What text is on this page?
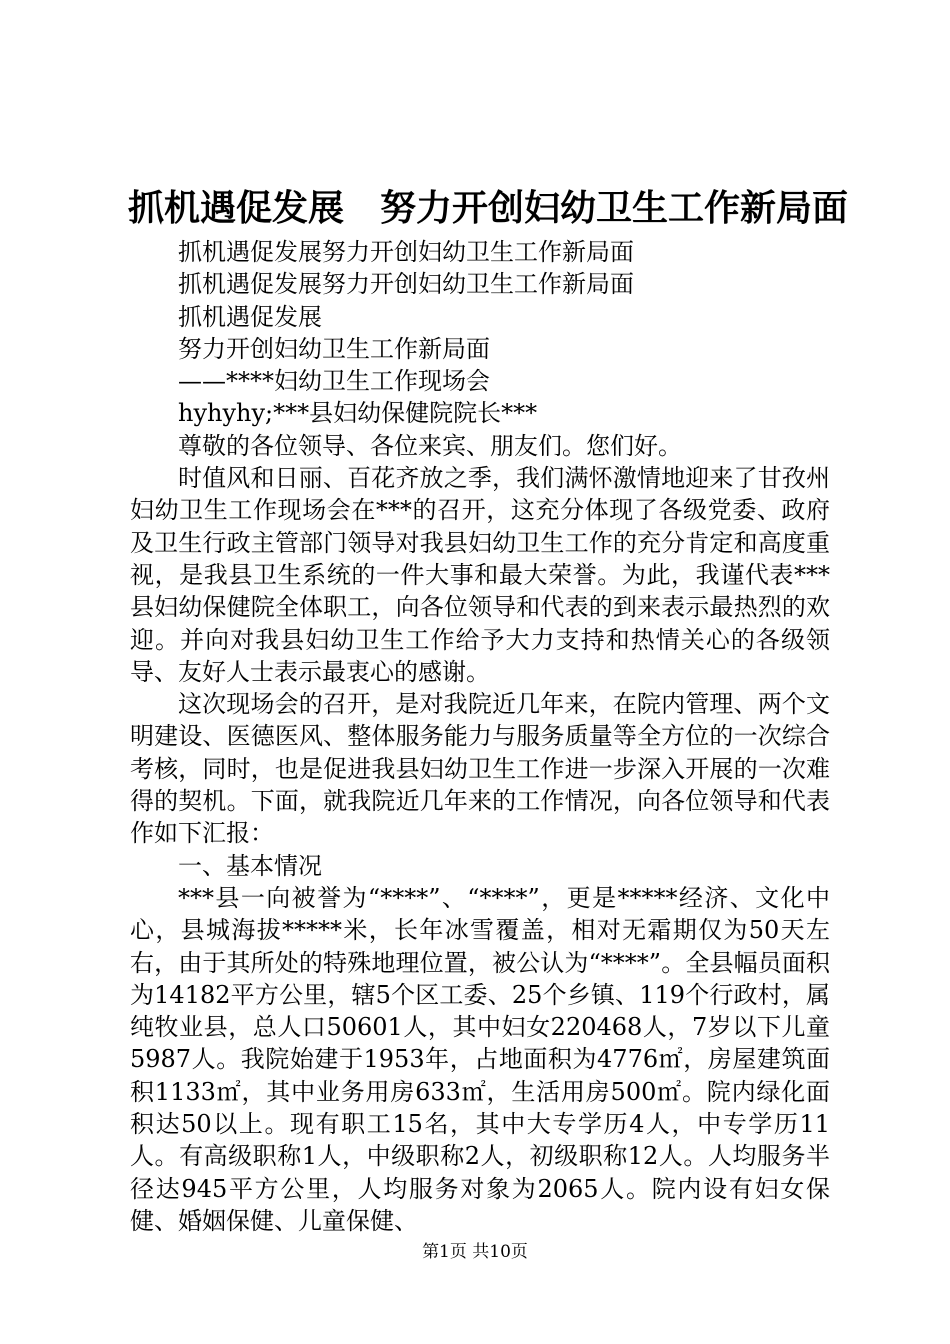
抓机遇促发展　努力开创妇幼卫生工作新局面

抓机遇促发展努力开创妇幼卫生工作新局面

抓机遇促发展努力开创妇幼卫生工作新局面

抓机遇促发展

努力开创妇幼卫生工作新局面

——****妇幼卫生工作现场会

hyhyhy;***县妇幼保健院院长***

尊敬的各位领导、各位来宾、朋友们。您们好。

时值风和日丽、百花齐放之季，我们满怀激情地迎来了甘孜州妇幼卫生工作现场会在***的召开，这充分体现了各级党委、政府及卫生行政主管部门领导对我县妇幼卫生工作的充分肯定和高度重视，是我县卫生系统的一件大事和最大荣誉。为此，我谨代表***县妇幼保健院全体职工，向各位领导和代表的到来表示最热烈的欢迎。并向对我县妇幼卫生工作给予大力支持和热情关心的各级领导、友好人士表示最衷心的感谢。

这次现场会的召开，是对我院近几年来，在院内管理、两个文明建设、医德医风、整体服务能力与服务质量等全方位的一次综合考核，同时，也是促进我县妇幼卫生工作进一步深入开展的一次难得的契机。下面，就我院近几年来的工作情况，向各位领导和代表作如下汇报：

一、基本情况

***县一向被誉为“****”、“****”，更是*****经济、文化中心，县城海拔*****米，长年冰雪覆盖，相对无霜期仅为50天左右，由于其所处的特殊地理位置，被公认为“****”。全县幅员面积为14182平方公里，辖5个区工委、25个乡镇、119个行政村，属纯牧业县，总人口50601人，其中妇女220468人，7岁以下儿童5987人。我院始建于1953年，占地面积为4776㎡，房屋建筑面积1133㎡，其中业务用房633㎡，生活用房500㎡。院内绿化面积达50以上。现有职工15名，其中大专学历4人，中专学历11人。有高级职称1人，中级职称2人，初级职称12人。人均服务半径达945平方公里，人均服务对象为2065人。院内设有妇女保健、婚姻保健、儿童保健、

第1页 共10页
